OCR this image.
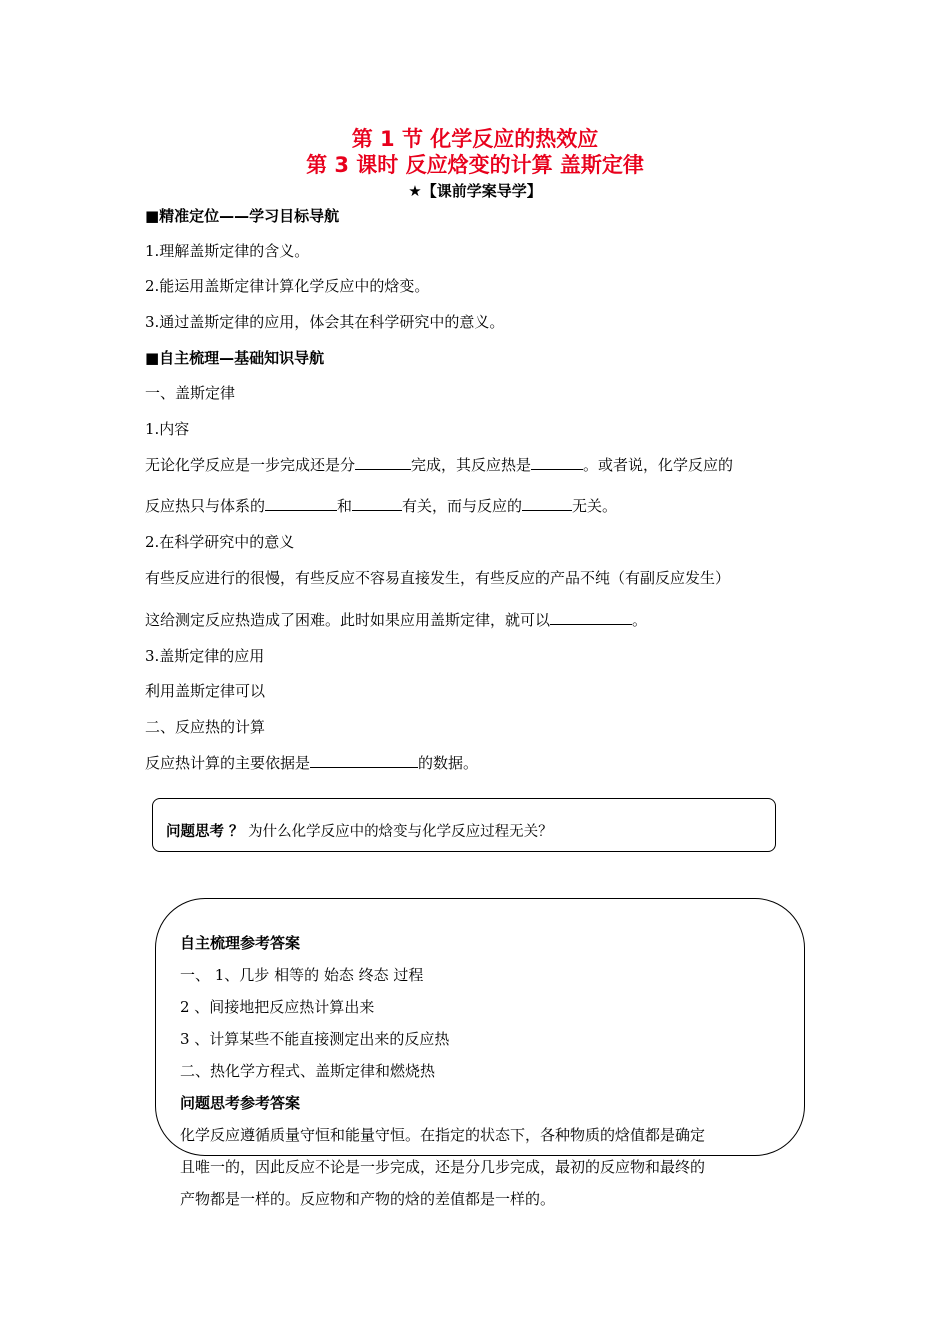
第 1 节 化学反应的热效应
第 3 课时 反应焓变的计算 盖斯定律
★【课前学案导学】
■精准定位——学习目标导航
1.理解盖斯定律的含义。
2.能运用盖斯定律计算化学反应中的焓变。
3.通过盖斯定律的应用，体会其在科学研究中的意义。
■自主梳理—基础知识导航
一、盖斯定律
1.内容
无论化学反应是一步完成还是分	完成，其反应热是	。或者说，化学反应的
反应热只与体系的	和	有关，而与反应的	无关。
2.在科学研究中的意义
有些反应进行的很慢，有些反应不容易直接发生，有些反应的产品不纯（有副反应发生）
这给测定反应热造成了困难。此时如果应用盖斯定律，就可以	。
3.盖斯定律的应用
利用盖斯定律可以
二、反应热的计算
反应热计算的主要依据是	的数据。
问题思考 ？ 为什么化学反应中的焓变与化学反应过程无关？
自主梳理参考答案
一、 1、几步 相等的 始态 终态 过程
2 、间接地把反应热计算出来
3 、计算某些不能直接测定出来的反应热
二、热化学方程式、盖斯定律和燃烧热
问题思考参考答案
化学反应遵循质量守恒和能量守恒。在指定的状态下，各种物质的焓值都是确定
且唯一的，因此反应不论是一步完成，还是分几步完成，最初的反应物和最终的
产物都是一样的。反应物和产物的焓的差值都是一样的。
